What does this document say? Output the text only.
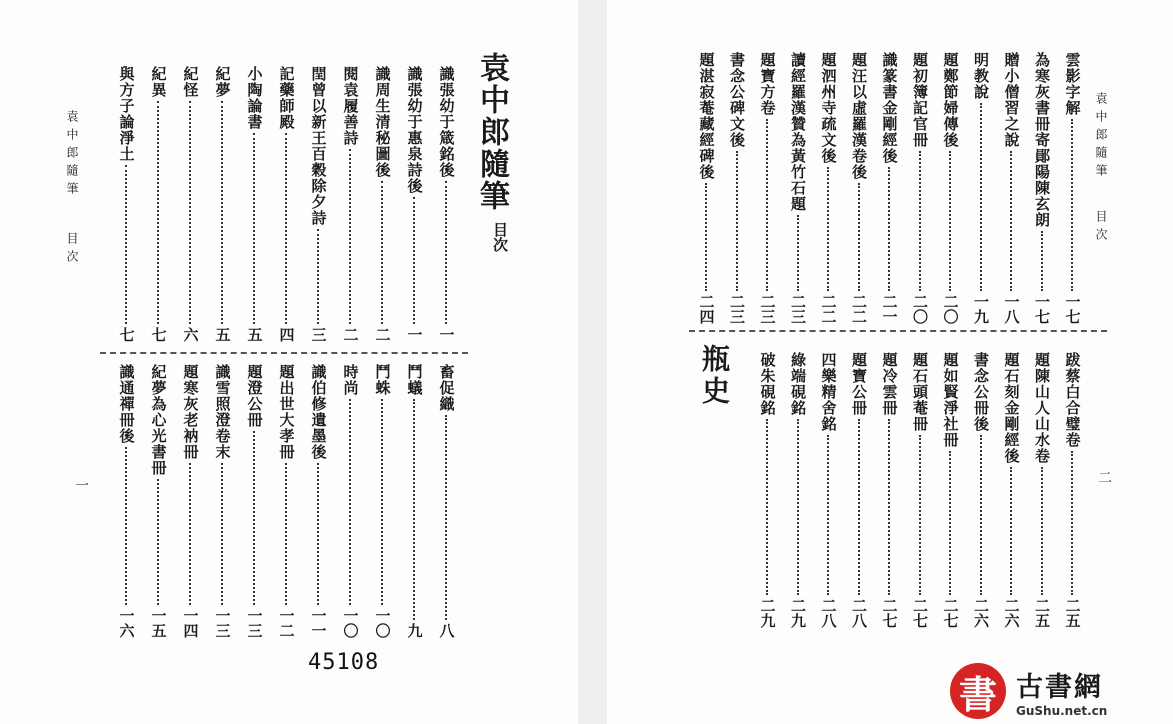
袁中郎隨筆
目次
袁中郎隨筆
目次
一
45108
識張幼于箴銘後
一
識張幼于惠泉詩後
一
識周生清秘圖後
二
閱袁履善詩
二
閏曾以新王百穀除夕詩
三
記藥師殿
四
小陶論書
五
紀夢
五
紀怪
六
紀異
七
與方子論淨土
七
畜促織
八
鬥蟻
九
鬥蛛
一〇
時尚
一〇
識伯修遺墨後
一一
題出世大孝冊
一二
題澄公冊
一三
識雪照澄卷末
一三
題寒灰老衲冊
一四
紀夢為心光書冊
一五
識通禪冊後
一六
瓶史
袁中郎隨筆
目次
二
雲影字解
一七
為寒灰書冊寄鄖陽陳玄朗
一七
贈小僧習之說
一八
明教說
一九
題鄭節婦傳後
二〇
題初簿記官冊
二〇
識篆書金剛經後
二一
題汪以虛羅漢卷後
二二
題泗州寺疏文後
二二
讀經羅漢贊為黃竹石題
二三
題寶方卷
二三
書念公碑文後
二三
題湛寂菴藏經碑後
二四
跋蔡白合璧卷
二五
題陳山人山水卷
二五
題石刻金剛經後
二六
書念公冊後
二六
題如賢淨社冊
二七
題石頭菴冊
二七
題冷雲冊
二七
題寶公冊
二八
四樂精舍銘
二八
綠端硯銘
二九
破朱硯銘
二九
書 古書網
GuShu.net.cn
